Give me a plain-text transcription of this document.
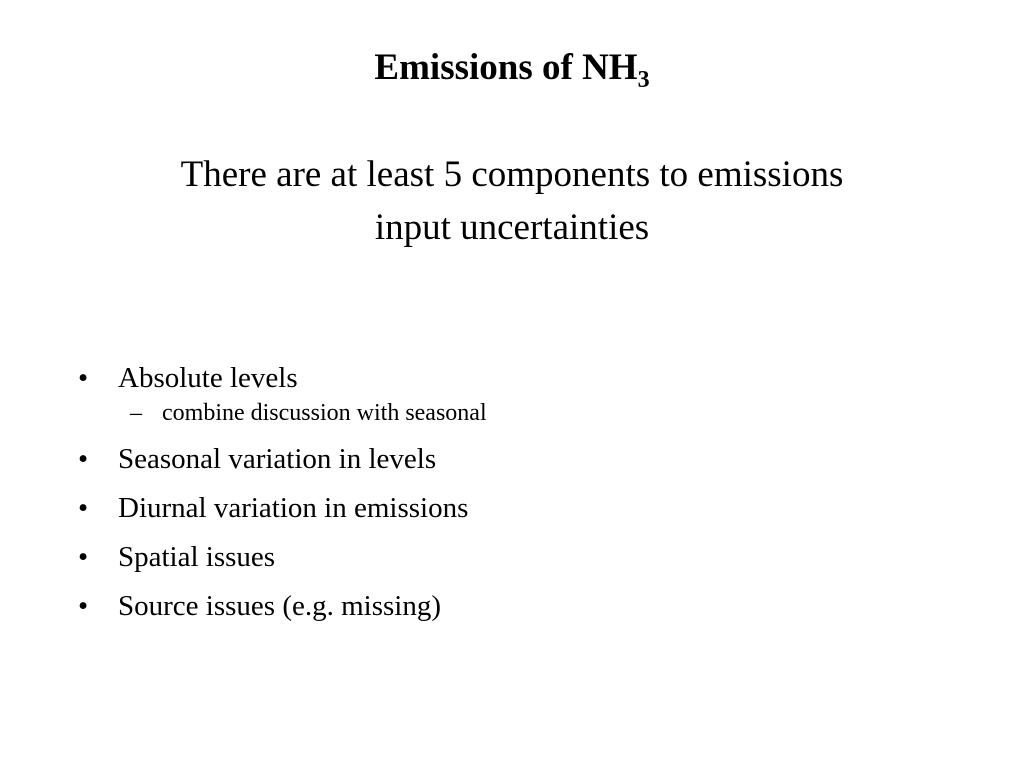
Emissions of $NH_3$

There are at least 5 components to emissions
input uncertainties

• Absolute levels
– combine discussion with seasonal
• Seasonal variation in levels
• Diurnal variation in emissions
• Spatial issues
• Source issues (e.g. missing)
